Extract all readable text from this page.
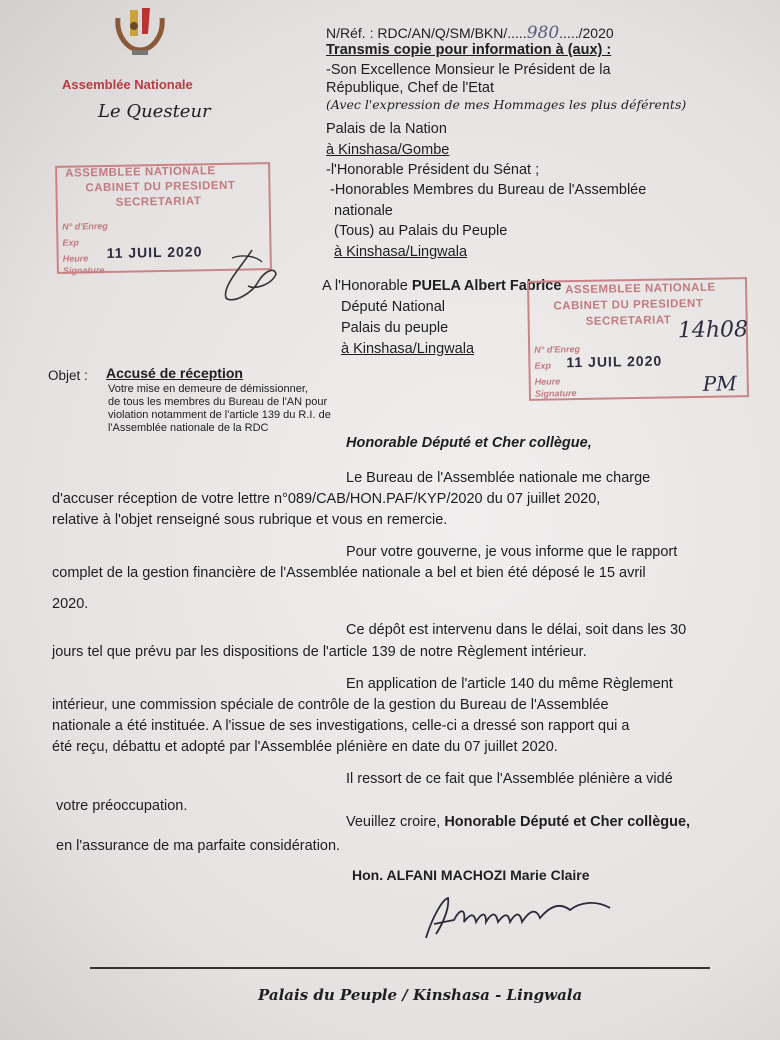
Assemblée Nationale
Le Questeur
N/Réf. : RDC/AN/Q/SM/BKN/.....980...../2020
Transmis copie pour information à (aux) :
-Son Excellence Monsieur le Président de la
République, Chef de l'Etat
(Avec l'expression de mes Hommages les plus déférents)
Palais de la Nation
à Kinshasa/Gombe
-l'Honorable Président du Sénat ;
-Honorables Membres du Bureau de l'Assemblée
nationale
(Tous) au Palais du Peuple
à Kinshasa/Lingwala
ASSEMBLEE NATIONALE
CABINET DU PRESIDENT
SECRETARIAT
N° d'Enreg
Exp
Heure
Signature
11 JUIL 2020
A l'Honorable PUELA Albert Fabrice
Député National
Palais du peuple
à Kinshasa/Lingwala
ASSEMBLEE NATIONALE
CABINET DU PRESIDENT
SECRETARIAT
N° d'Enreg
Exp
Heure
Signature
11 JUIL 2020
14h08
PM
Objet : Accusé de réception
Votre mise en demeure de démissionner,
de tous les membres du Bureau de l'AN pour
violation notamment de l'article 139 du R.I. de
l'Assemblée nationale de la RDC
Honorable Député et Cher collègue,
Le Bureau de l'Assemblée nationale me charge
d'accuser réception de votre lettre n°089/CAB/HON.PAF/KYP/2020 du 07 juillet 2020,
relative à l'objet renseigné sous rubrique et vous en remercie.
Pour votre gouverne, je vous informe que le rapport
complet de la gestion financière de l'Assemblée nationale a bel et bien été déposé le 15 avril
2020.
Ce dépôt est intervenu dans le délai, soit dans les 30
jours tel que prévu par les dispositions de l'article 139 de notre Règlement intérieur.
En application de l'article 140 du même Règlement
intérieur, une commission spéciale de contrôle de la gestion du Bureau de l'Assemblée
nationale a été instituée. A l'issue de ses investigations, celle-ci a dressé son rapport qui a
été reçu, débattu et adopté par l'Assemblée plénière en date du 07 juillet 2020.
Il ressort de ce fait que l'Assemblée plénière a vidé
votre préoccupation.
Veuillez croire, Honorable Député et Cher collègue,
en l'assurance de ma parfaite considération.
Hon. ALFANI MACHOZI Marie Claire
Palais du Peuple / Kinshasa - Lingwala
